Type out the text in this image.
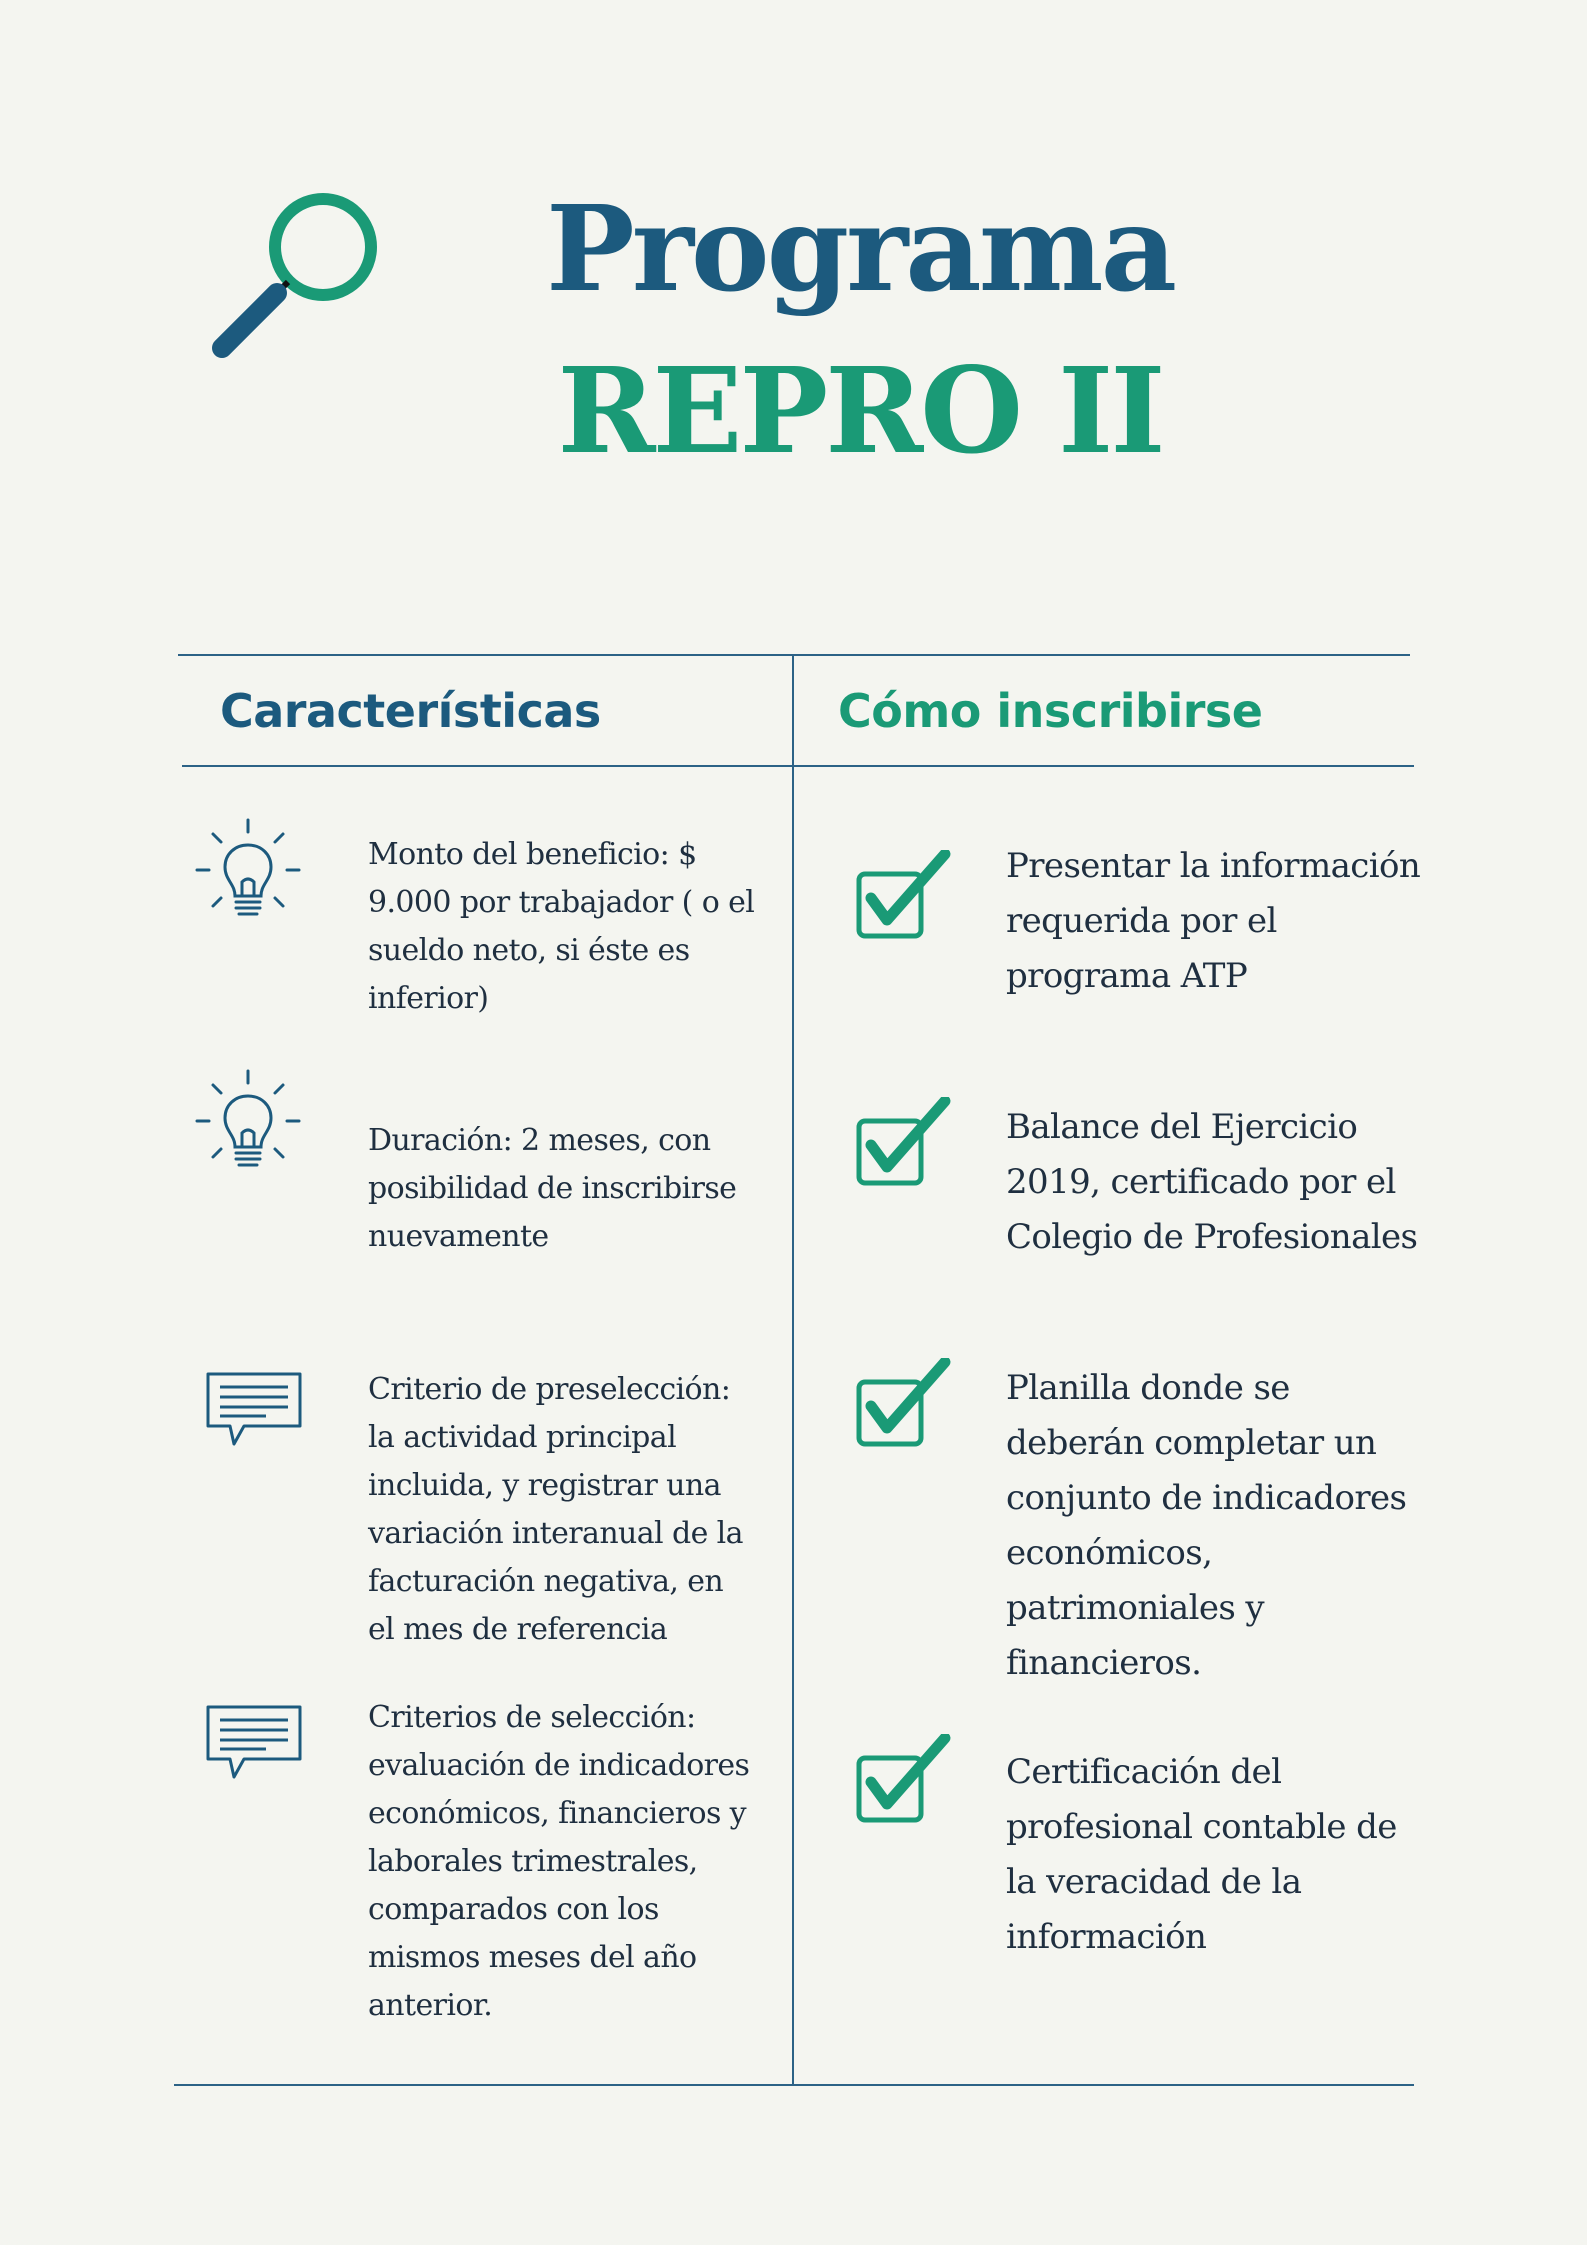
Programa
REPRO II
Características	Cómo inscribirse
Monto del beneficio: $ 9.000 por trabajador ( o el sueldo neto, si éste es inferior)
Duración: 2 meses, con posibilidad de inscribirse nuevamente
Criterio de preselección: la actividad principal incluida, y registrar una variación interanual de la facturación negativa, en el mes de referencia
Criterios de selección: evaluación de indicadores económicos, financieros y laborales trimestrales, comparados con los mismos meses del año anterior.
Presentar la información requerida por el programa ATP
Balance del Ejercicio 2019, certificado por el Colegio de Profesionales
Planilla donde se deberán completar un conjunto de indicadores económicos, patrimoniales y financieros.
Certificación del profesional contable de la veracidad de la información
